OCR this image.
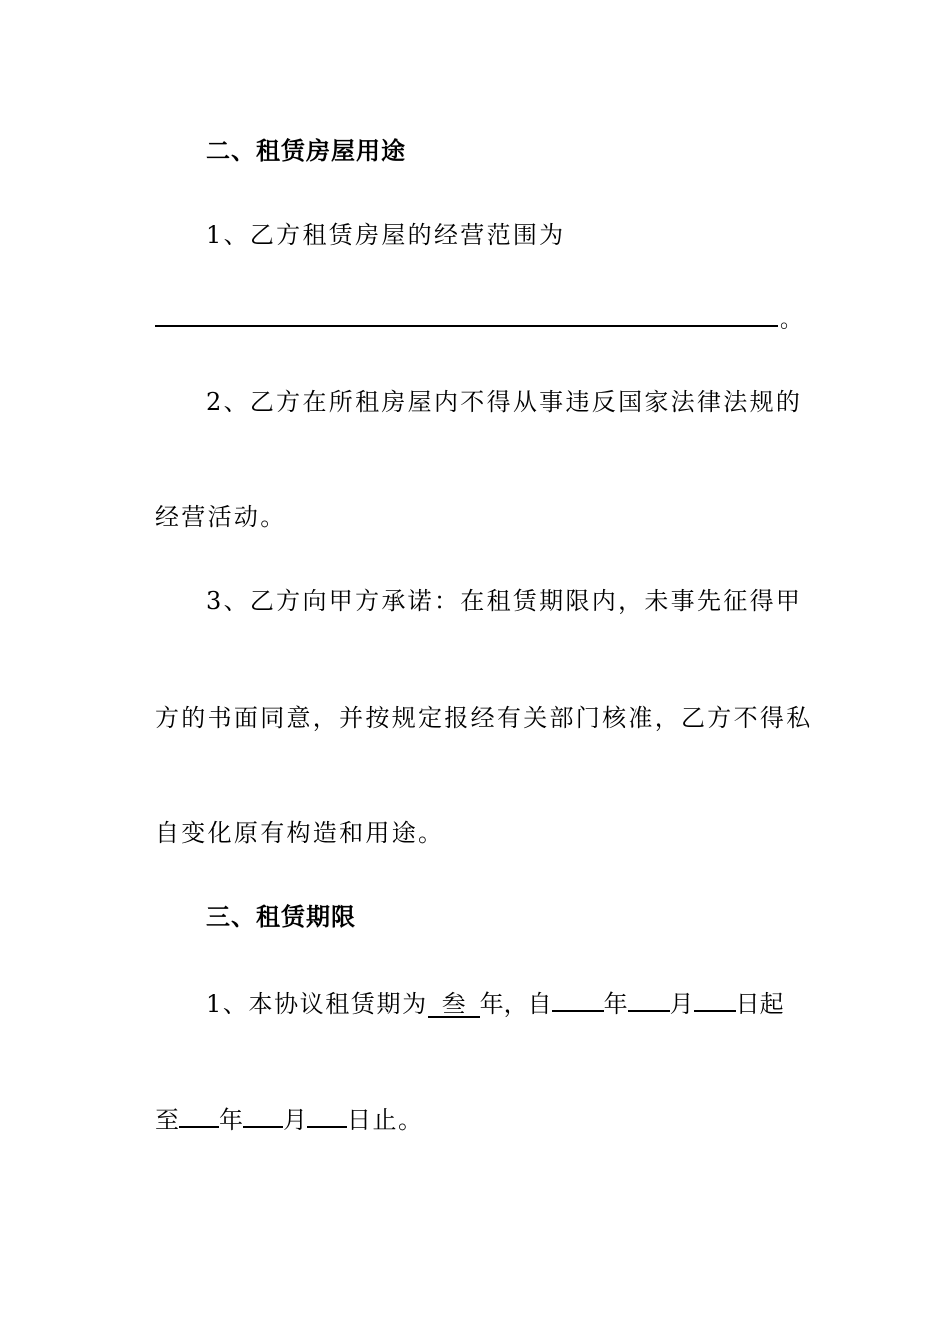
二、租赁房屋用途
1、乙方租赁房屋的经营范围为
。
2、乙方在所租房屋内不得从事违反国家法律法规的
经营活动。
3、乙方向甲方承诺：在租赁期限内，未事先征得甲
方的书面同意，并按规定报经有关部门核准，乙方不得私
自变化原有构造和用途。
三、租赁期限
1、本协议租赁期为 叁 年，自 年 月 日起
至 年 月 日止。
